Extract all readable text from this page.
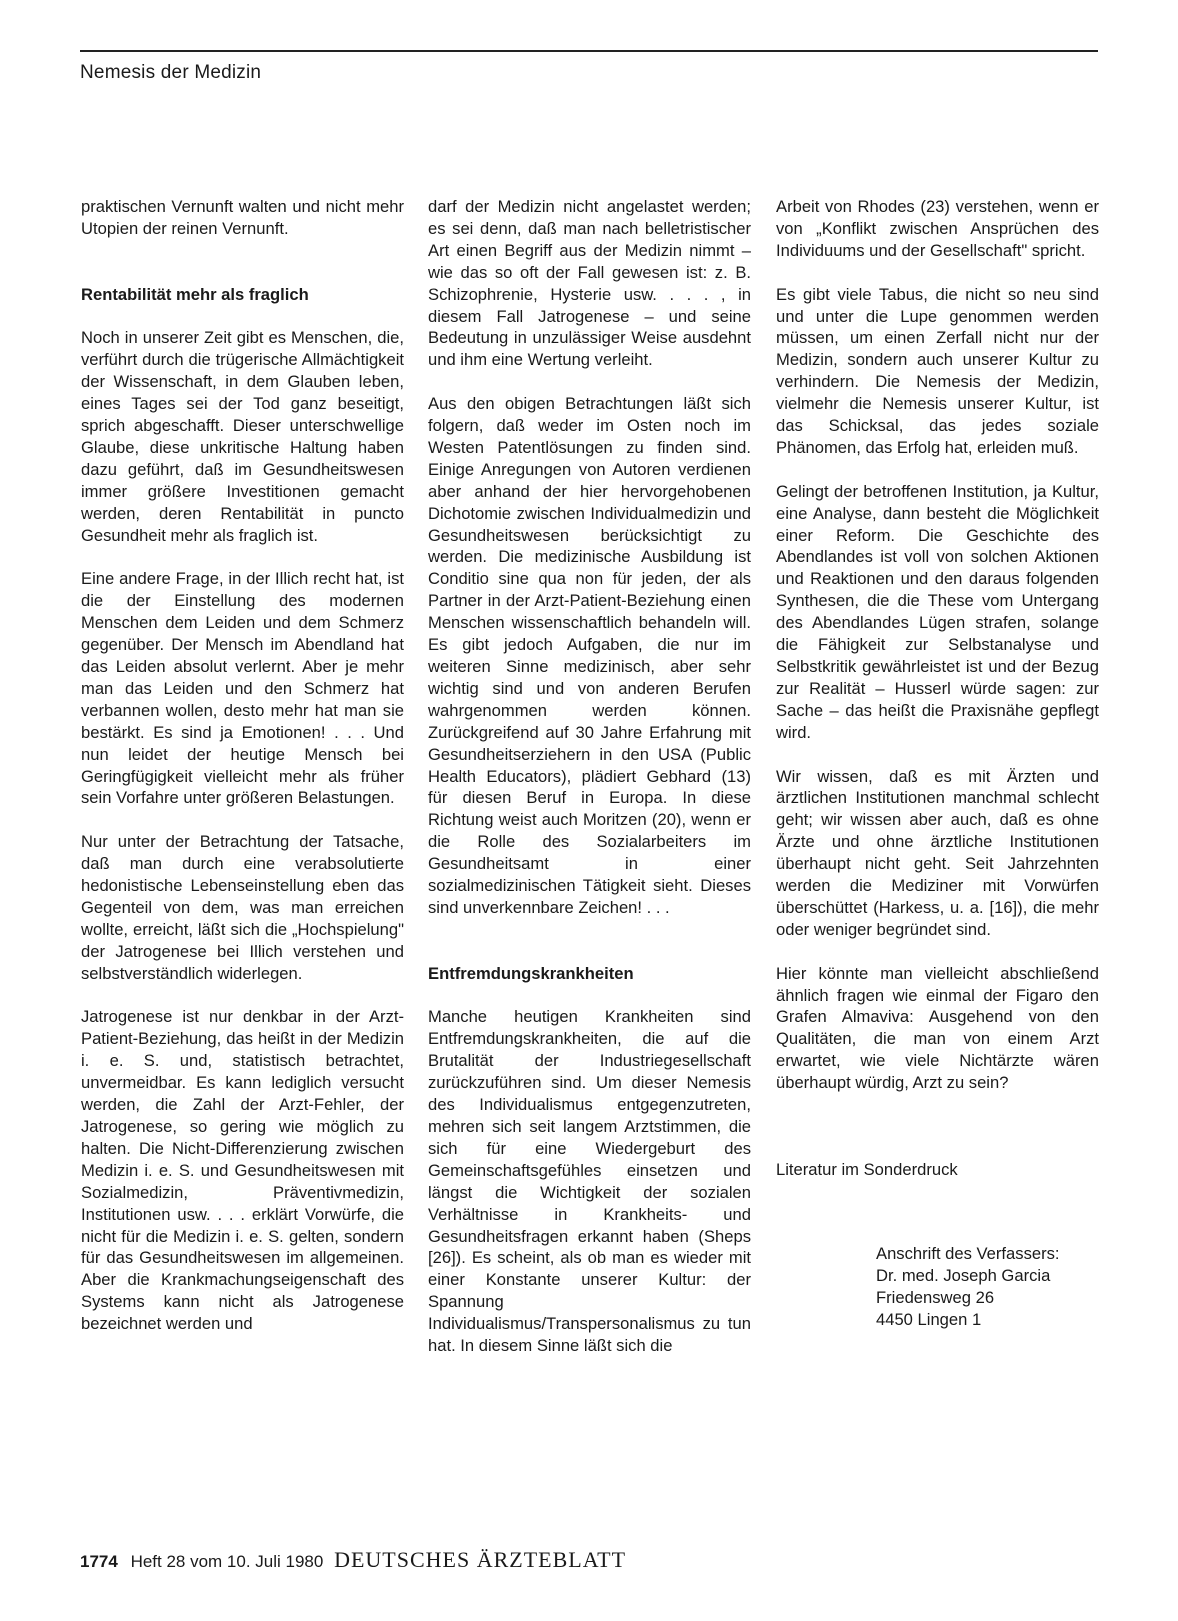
Nemesis der Medizin

praktischen Vernunft walten und nicht mehr Utopien der reinen Vernunft.

Rentabilität mehr als fraglich

Noch in unserer Zeit gibt es Menschen, die, verführt durch die trügerische Allmächtigkeit der Wissenschaft, in dem Glauben leben, eines Tages sei der Tod ganz beseitigt, sprich abgeschafft. Dieser unterschwellige Glaube, diese unkritische Haltung haben dazu geführt, daß im Gesundheitswesen immer größere Investitionen gemacht werden, deren Rentabilität in puncto Gesundheit mehr als fraglich ist.

Eine andere Frage, in der Illich recht hat, ist die der Einstellung des modernen Menschen dem Leiden und dem Schmerz gegenüber. Der Mensch im Abendland hat das Leiden absolut verlernt. Aber je mehr man das Leiden und den Schmerz hat verbannen wollen, desto mehr hat man sie bestärkt. Es sind ja Emotionen! . . . Und nun leidet der heutige Mensch bei Geringfügigkeit vielleicht mehr als früher sein Vorfahre unter größeren Belastungen.

Nur unter der Betrachtung der Tatsache, daß man durch eine verabsolutierte hedonistische Lebenseinstellung eben das Gegenteil von dem, was man erreichen wollte, erreicht, läßt sich die „Hochspielung" der Jatrogenese bei Illich verstehen und selbstverständlich widerlegen.

Jatrogenese ist nur denkbar in der Arzt-Patient-Beziehung, das heißt in der Medizin i. e. S. und, statistisch betrachtet, unvermeidbar. Es kann lediglich versucht werden, die Zahl der Arzt-Fehler, der Jatrogenese, so gering wie möglich zu halten. Die Nicht-Differenzierung zwischen Medizin i. e. S. und Gesundheitswesen mit Sozialmedizin, Präventivmedizin, Institutionen usw. . . . erklärt Vorwürfe, die nicht für die Medizin i. e. S. gelten, sondern für das Gesundheitswesen im allgemeinen. Aber die Krankmachungseigenschaft des Systems kann nicht als Jatrogenese bezeichnet werden und

darf der Medizin nicht angelastet werden; es sei denn, daß man nach belletristischer Art einen Begriff aus der Medizin nimmt – wie das so oft der Fall gewesen ist: z. B. Schizophrenie, Hysterie usw. . . . , in diesem Fall Jatrogenese – und seine Bedeutung in unzulässiger Weise ausdehnt und ihm eine Wertung verleiht.

Aus den obigen Betrachtungen läßt sich folgern, daß weder im Osten noch im Westen Patentlösungen zu finden sind. Einige Anregungen von Autoren verdienen aber anhand der hier hervorgehobenen Dichotomie zwischen Individualmedizin und Gesundheitswesen berücksichtigt zu werden. Die medizinische Ausbildung ist Conditio sine qua non für jeden, der als Partner in der Arzt-Patient-Beziehung einen Menschen wissenschaftlich behandeln will. Es gibt jedoch Aufgaben, die nur im weiteren Sinne medizinisch, aber sehr wichtig sind und von anderen Berufen wahrgenommen werden können. Zurückgreifend auf 30 Jahre Erfahrung mit Gesundheitserziehern in den USA (Public Health Educators), plädiert Gebhard (13) für diesen Beruf in Europa. In diese Richtung weist auch Moritzen (20), wenn er die Rolle des Sozialarbeiters im Gesundheitsamt in einer sozialmedizinischen Tätigkeit sieht. Dieses sind unverkennbare Zeichen! . . .

Entfremdungskrankheiten

Manche heutigen Krankheiten sind Entfremdungskrankheiten, die auf die Brutalität der Industriegesellschaft zurückzuführen sind. Um dieser Nemesis des Individualismus entgegenzutreten, mehren sich seit langem Arztstimmen, die sich für eine Wiedergeburt des Gemeinschaftsgefühles einsetzen und längst die Wichtigkeit der sozialen Verhältnisse in Krankheits- und Gesundheitsfragen erkannt haben (Sheps [26]). Es scheint, als ob man es wieder mit einer Konstante unserer Kultur: der Spannung Individualismus/Transpersonalismus zu tun hat. In diesem Sinne läßt sich die

Arbeit von Rhodes (23) verstehen, wenn er von „Konflikt zwischen Ansprüchen des Individuums und der Gesellschaft" spricht.

Es gibt viele Tabus, die nicht so neu sind und unter die Lupe genommen werden müssen, um einen Zerfall nicht nur der Medizin, sondern auch unserer Kultur zu verhindern. Die Nemesis der Medizin, vielmehr die Nemesis unserer Kultur, ist das Schicksal, das jedes soziale Phänomen, das Erfolg hat, erleiden muß.

Gelingt der betroffenen Institution, ja Kultur, eine Analyse, dann besteht die Möglichkeit einer Reform. Die Geschichte des Abendlandes ist voll von solchen Aktionen und Reaktionen und den daraus folgenden Synthesen, die die These vom Untergang des Abendlandes Lügen strafen, solange die Fähigkeit zur Selbstanalyse und Selbstkritik gewährleistet ist und der Bezug zur Realität – Husserl würde sagen: zur Sache – das heißt die Praxisnähe gepflegt wird.

Wir wissen, daß es mit Ärzten und ärztlichen Institutionen manchmal schlecht geht; wir wissen aber auch, daß es ohne Ärzte und ohne ärztliche Institutionen überhaupt nicht geht. Seit Jahrzehnten werden die Mediziner mit Vorwürfen überschüttet (Harkess, u. a. [16]), die mehr oder weniger begründet sind.

Hier könnte man vielleicht abschließend ähnlich fragen wie einmal der Figaro den Grafen Almaviva: Ausgehend von den Qualitäten, die man von einem Arzt erwartet, wie viele Nichtärzte wären überhaupt würdig, Arzt zu sein?

Literatur im Sonderdruck

Anschrift des Verfassers:
Dr. med. Joseph Garcia
Friedensweg 26
4450 Lingen 1
1774 Heft 28 vom 10. Juli 1980 DEUTSCHES ÄRZTEBLATT
